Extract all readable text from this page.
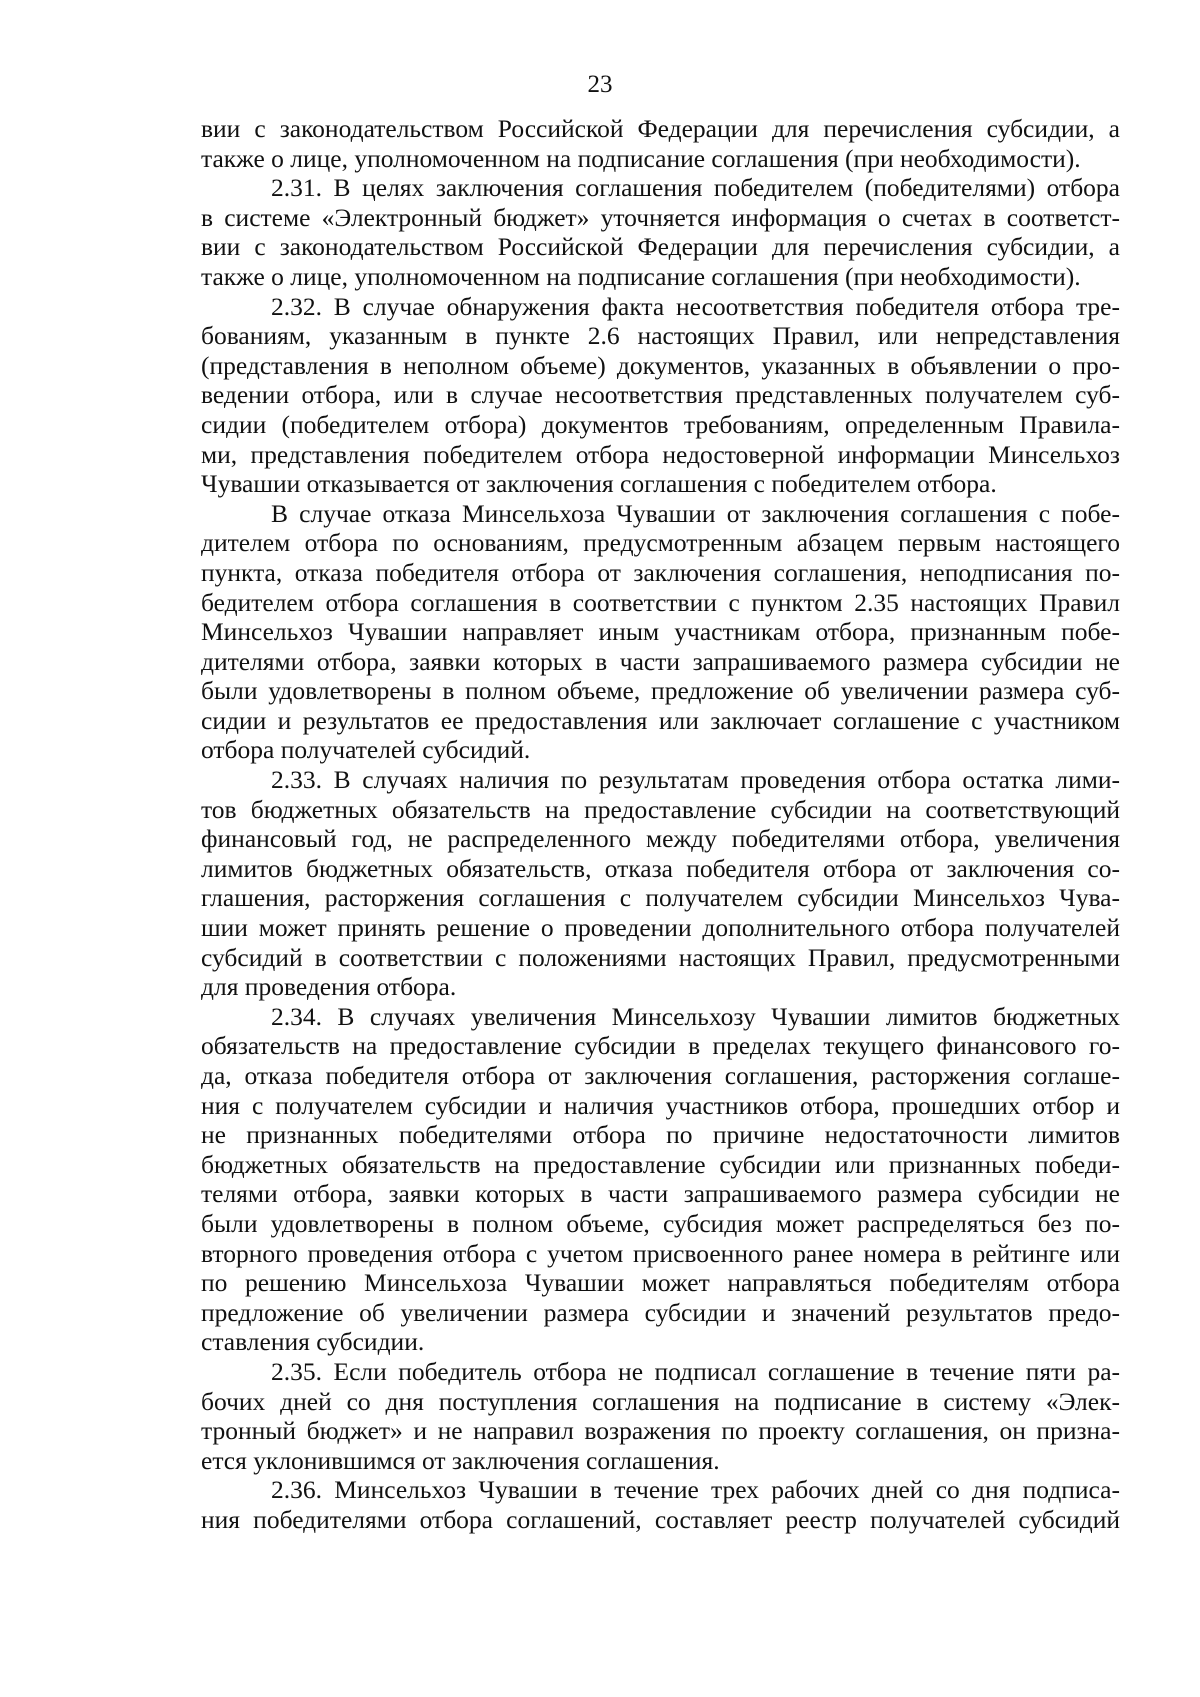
23
вии с законодательством Российской Федерации для перечисления субсидии, а
также о лице, уполномоченном на подписание соглашения (при необходимости).
2.31. В целях заключения соглашения победителем (победителями) отбора
в системе «Электронный бюджет» уточняется информация о счетах в соответст-
вии с законодательством Российской Федерации для перечисления субсидии, а
также о лице, уполномоченном на подписание соглашения (при необходимости).
2.32. В случае обнаружения факта несоответствия победителя отбора тре-
бованиям, указанным в пункте 2.6 настоящих Правил, или непредставления
(представления в неполном объеме) документов, указанных в объявлении о про-
ведении отбора, или в случае несоответствия представленных получателем суб-
сидии (победителем отбора) документов требованиям, определенным Правила-
ми, представления победителем отбора недостоверной информации Минсельхоз
Чувашии отказывается от заключения соглашения с победителем отбора.
В случае отказа Минсельхоза Чувашии от заключения соглашения с побе-
дителем отбора по основаниям, предусмотренным абзацем первым настоящего
пункта, отказа победителя отбора от заключения соглашения, неподписания по-
бедителем отбора соглашения в соответствии с пунктом 2.35 настоящих Правил
Минсельхоз Чувашии направляет иным участникам отбора, признанным побе-
дителями отбора, заявки которых в части запрашиваемого размера субсидии не
были удовлетворены в полном объеме, предложение об увеличении размера суб-
сидии и результатов ее предоставления или заключает соглашение с участником
отбора получателей субсидий.
2.33. В случаях наличия по результатам проведения отбора остатка лими-
тов бюджетных обязательств на предоставление субсидии на соответствующий
финансовый год, не распределенного между победителями отбора, увеличения
лимитов бюджетных обязательств, отказа победителя отбора от заключения со-
глашения, расторжения соглашения с получателем субсидии Минсельхоз Чува-
шии может принять решение о проведении дополнительного отбора получателей
субсидий в соответствии с положениями настоящих Правил, предусмотренными
для проведения отбора.
2.34. В случаях увеличения Минсельхозу Чувашии лимитов бюджетных
обязательств на предоставление субсидии в пределах текущего финансового го-
да, отказа победителя отбора от заключения соглашения, расторжения соглаше-
ния с получателем субсидии и наличия участников отбора, прошедших отбор и
не признанных победителями отбора по причине недостаточности лимитов
бюджетных обязательств на предоставление субсидии или признанных победи-
телями отбора, заявки которых в части запрашиваемого размера субсидии не
были удовлетворены в полном объеме, субсидия может распределяться без по-
вторного проведения отбора с учетом присвоенного ранее номера в рейтинге или
по решению Минсельхоза Чувашии может направляться победителям отбора
предложение об увеличении размера субсидии и значений результатов предо-
ставления субсидии.
2.35. Если победитель отбора не подписал соглашение в течение пяти ра-
бочих дней со дня поступления соглашения на подписание в систему «Элек-
тронный бюджет» и не направил возражения по проекту соглашения, он призна-
ется уклонившимся от заключения соглашения.
2.36. Минсельхоз Чувашии в течение трех рабочих дней со дня подписа-
ния победителями отбора соглашений, составляет реестр получателей субсидий
